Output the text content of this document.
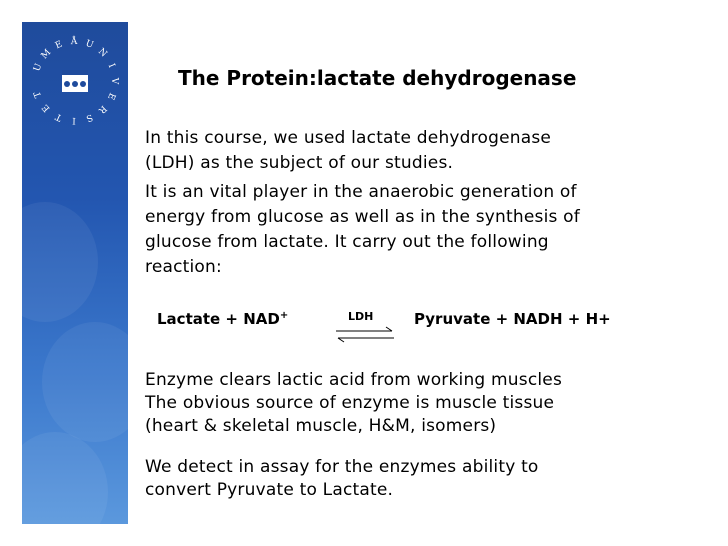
U
M
E Å U
N
I
V
E
R
S
I
T
E
T
The Protein:lactate dehydrogenase
In this course, we used lactate dehydrogenase
(LDH) as the subject of our studies.
It is an vital player in the anaerobic generation of
energy from glucose as well as in the synthesis of
glucose from lactate. It carry out the following
reaction:
Lactate + NAD+	LDH	Pyruvate + NADH + H+
Enzyme clears lactic acid from working muscles
The obvious source of enzyme is muscle tissue
(heart & skeletal muscle, H&M, isomers)
We detect in assay for the enzymes ability to
convert Pyruvate to Lactate.
